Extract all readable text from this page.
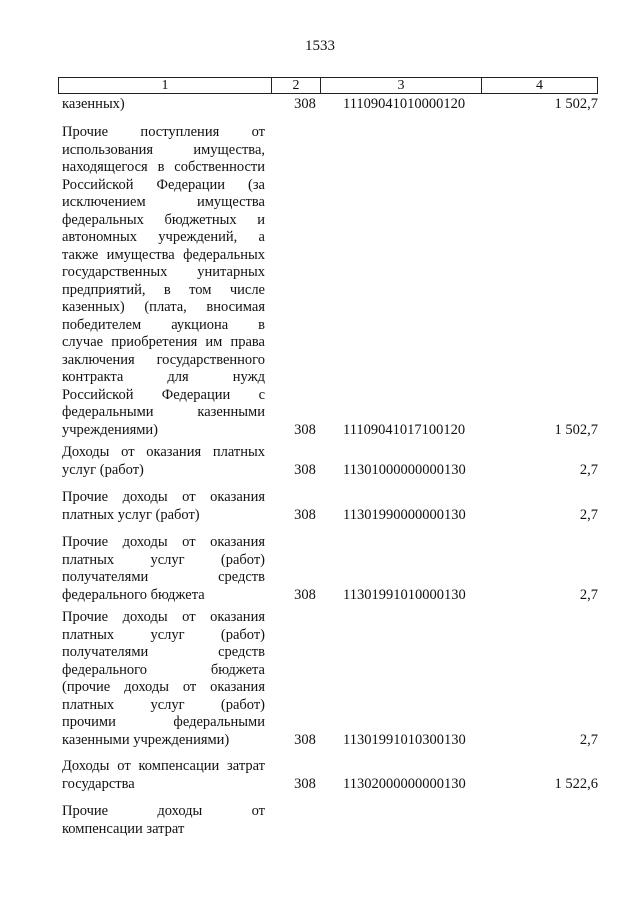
1533
1	2	3	4
казенных)	308	11109041010000120	1 502,7
Прочие поступления от
использования имущества,
находящегося в собственности
Российской Федерации (за
исключением имущества
федеральных бюджетных и
автономных учреждений, а
также имущества федеральных
государственных унитарных
предприятий, в том числе
казенных) (плата, вносимая
победителем аукциона в
случае приобретения им права
заключения государственного
контракта для нужд
Российской Федерации с
федеральными казенными
учреждениями)	308	11109041017100120	1 502,7
Доходы от оказания платных
услуг (работ)	308	11301000000000130	2,7
Прочие доходы от оказания
платных услуг (работ)	308	11301990000000130	2,7
Прочие доходы от оказания
платных услуг (работ)
получателями средств
федерального бюджета	308	11301991010000130	2,7
Прочие доходы от оказания
платных услуг (работ)
получателями средств
федерального бюджета
(прочие доходы от оказания
платных услуг (работ)
прочими федеральными
казенными учреждениями)	308	11301991010300130	2,7
Доходы от компенсации затрат
государства	308	11302000000000130	1 522,6
Прочие доходы от
компенсации затрат
